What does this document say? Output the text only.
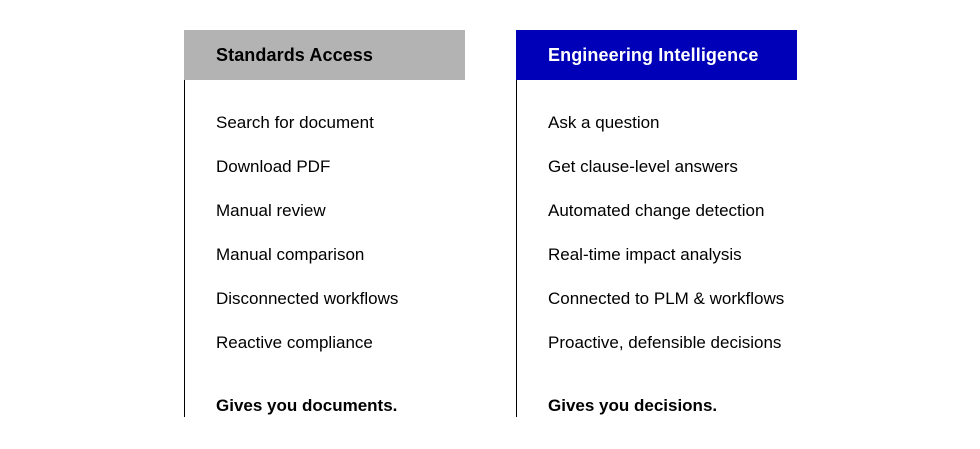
Standards Access
Search for document
Download PDF
Manual review
Manual comparison
Disconnected workflows
Reactive compliance
Gives you documents.
Engineering Intelligence
Ask a question
Get clause-level answers
Automated change detection
Real-time impact analysis
Connected to PLM & workflows
Proactive, defensible decisions
Gives you decisions.
